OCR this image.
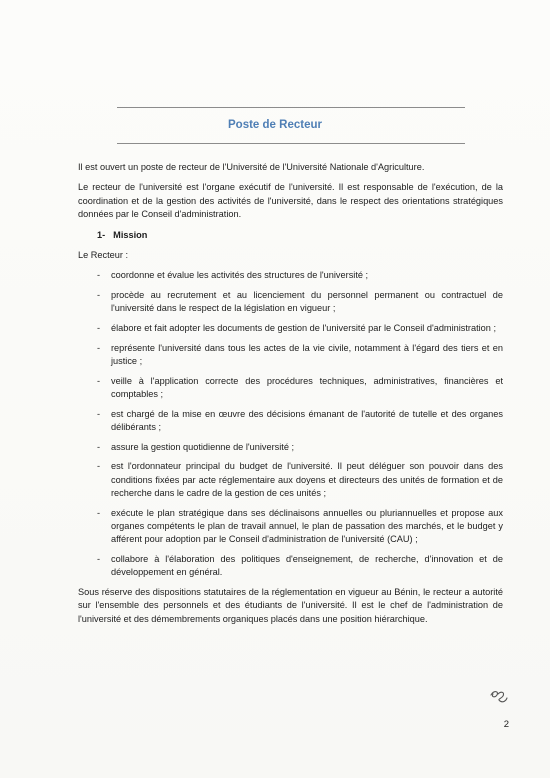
Poste de Recteur

Il est ouvert un poste de recteur de l'Université de l'Université Nationale d'Agriculture.

Le recteur de l'université est l'organe exécutif de l'université. Il est responsable de l'exécution, de la coordination et de la gestion des activités de l'université, dans le respect des orientations stratégiques données par le Conseil d'administration.

1- Mission

Le Recteur :

- coordonne et évalue les activités des structures de l'université ;
- procède au recrutement et au licenciement du personnel permanent ou contractuel de l'université dans le respect de la législation en vigueur ;
- élabore et fait adopter les documents de gestion de l'université par le Conseil d'administration ;
- représente l'université dans tous les actes de la vie civile, notamment à l'égard des tiers et en justice ;
- veille à l'application correcte des procédures techniques, administratives, financières et comptables ;
- est chargé de la mise en œuvre des décisions émanant de l'autorité de tutelle et des organes délibérants ;
- assure la gestion quotidienne de l'université ;
- est l'ordonnateur principal du budget de l'université. Il peut déléguer son pouvoir dans des conditions fixées par acte réglementaire aux doyens et directeurs des unités de formation et de recherche dans le cadre de la gestion de ces unités ;
- exécute le plan stratégique dans ses déclinaisons annuelles ou pluriannuelles et propose aux organes compétents le plan de travail annuel, le plan de passation des marchés, et le budget y afférent pour adoption par le Conseil d'administration de l'université (CAU) ;
- collabore à l'élaboration des politiques d'enseignement, de recherche, d'innovation et de développement en général.

Sous réserve des dispositions statutaires de la réglementation en vigueur au Bénin, le recteur a autorité sur l'ensemble des personnels et des étudiants de l'université. Il est le chef de l'administration de l'université et des démembrements organiques placés dans une position hiérarchique.

2
